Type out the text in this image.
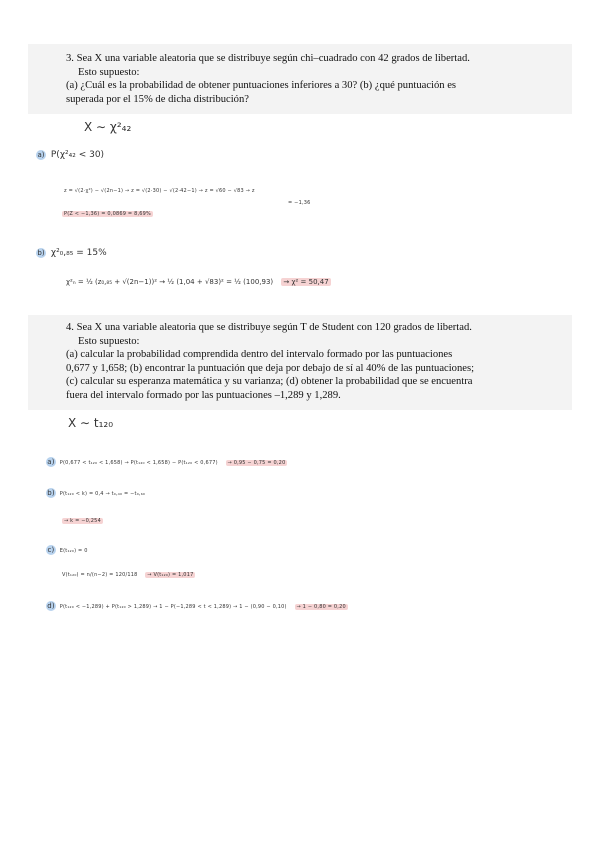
3. Sea X una variable aleatoria que se distribuye según chi–cuadrado con 42 grados de libertad.
Esto supuesto:
(a) ¿Cuál es la probabilidad de obtener puntuaciones inferiores a 30? (b) ¿qué puntuación es
superada por el 15% de dicha distribución?
X ∼ χ²₄₂
a) P(χ²₄₂ < 30)
z = √(2·χ²) − √(2n−1) → z = √(2·30) − √(2·42−1) → z = √60 − √83 → z
= −1,36
P(Z < −1,36) = 0,0869 = 8,69%
b) χ²₀,₈₅ = 15%
χ²ₙ = ½ (z₀,₈₅ + √(2n−1))² → ½ (1,04 + √83)² = ½ (100,93) → χ² = 50,47
4. Sea X una variable aleatoria que se distribuye según T de Student con 120 grados de libertad.
Esto supuesto:
(a) calcular la probabilidad comprendida dentro del intervalo formado por las puntuaciones
0,677 y 1,658; (b) encontrar la puntuación que deja por debajo de sí al 40% de las puntuaciones;
(c) calcular su esperanza matemática y su varianza; (d) obtener la probabilidad que se encuentra
fuera del intervalo formado por las puntuaciones –1,289 y 1,289.
X ∼ t₁₂₀
a) P(0,677 < t₁₂₀ < 1,658) → P(t₁₂₀ < 1,658) − P(t₁₂₀ < 0,677) → 0,95 − 0,75 = 0,20
b) P(t₁₂₀ < k) = 0,4 → t₀,₄₀ = −t₀,₆₀
→ k = −0,254
c) E(t₁₂₀) = 0
V(t₁₂₀) = n/(n−2) = 120/118 → V(t₁₂₀) = 1,017
d) P(t₁₂₀ < −1,289) + P(t₁₂₀ > 1,289) → 1 − P(−1,289 < t < 1,289) → 1 − (0,90 − 0,10) → 1 − 0,80 = 0,20
